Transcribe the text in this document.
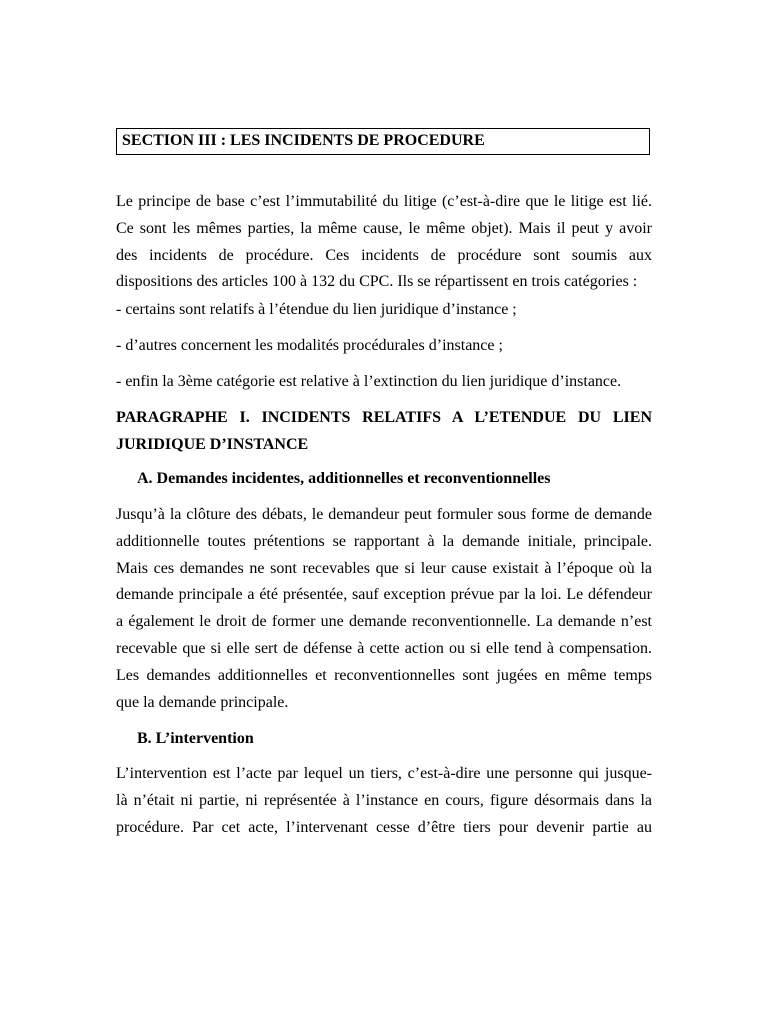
SECTION III : LES INCIDENTS DE PROCEDURE
Le principe de base c’est l’immutabilité du litige (c’est-à-dire que le litige est lié.
Ce sont les mêmes parties, la même cause, le même objet). Mais il peut y avoir
des incidents de procédure. Ces incidents de procédure sont soumis aux
dispositions des articles 100 à 132 du CPC. Ils se répartissent en trois catégories :
- certains sont relatifs à l’étendue du lien juridique d’instance ;
- d’autres concernent les modalités procédurales d’instance ;
- enfin la 3ème catégorie est relative à l’extinction du lien juridique d’instance.
PARAGRAPHE I. INCIDENTS RELATIFS A L’ETENDUE DU LIEN
JURIDIQUE D’INSTANCE
A. Demandes incidentes, additionnelles et reconventionnelles
Jusqu’à la clôture des débats, le demandeur peut formuler sous forme de demande
additionnelle toutes prétentions se rapportant à la demande initiale, principale.
Mais ces demandes ne sont recevables que si leur cause existait à l’époque où la
demande principale a été présentée, sauf exception prévue par la loi. Le défendeur
a également le droit de former une demande reconventionnelle. La demande n’est
recevable que si elle sert de défense à cette action ou si elle tend à compensation.
Les demandes additionnelles et reconventionnelles sont jugées en même temps
que la demande principale.
B. L’intervention
L’intervention est l’acte par lequel un tiers, c’est-à-dire une personne qui jusque-
là n’était ni partie, ni représentée à l’instance en cours, figure désormais dans la
procédure. Par cet acte, l’intervenant cesse d’être tiers pour devenir partie au
